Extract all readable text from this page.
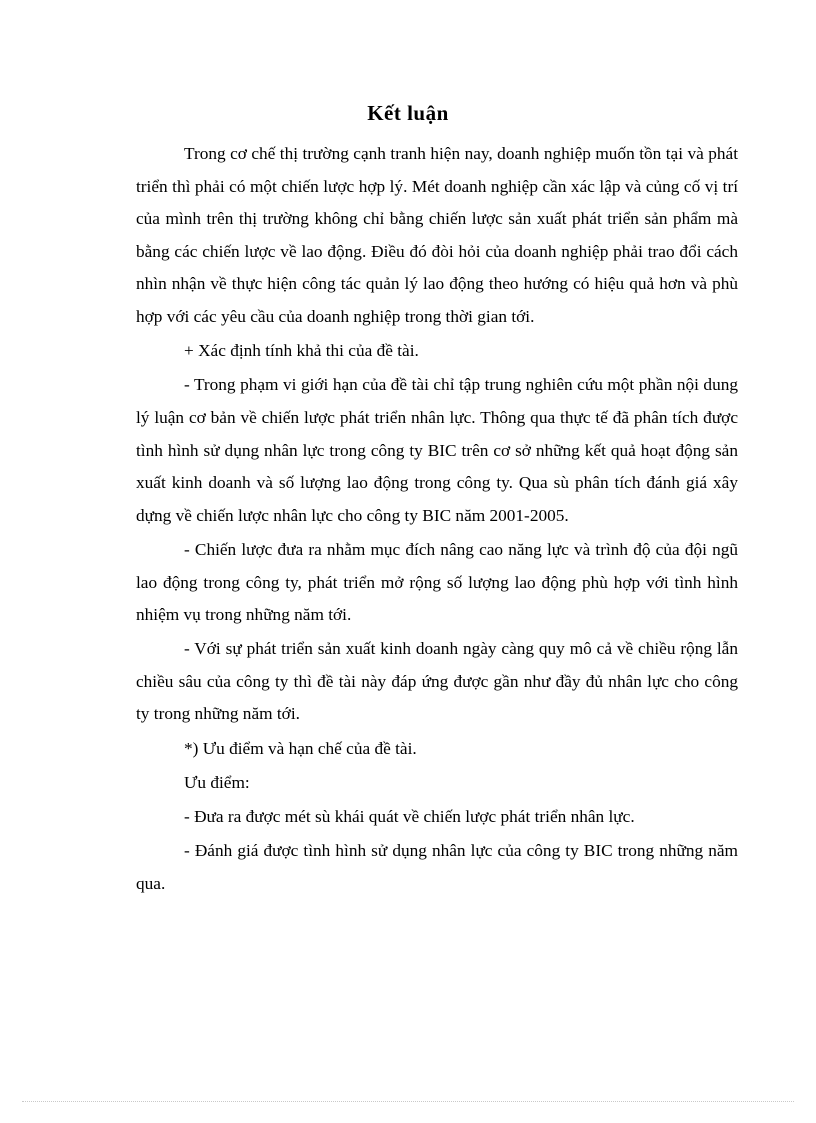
Kết luận

Trong cơ chế thị trường cạnh tranh hiện nay, doanh nghiệp muốn tồn tại và phát triển thì phải có một chiến lược hợp lý. Mét doanh nghiệp cần xác lập và củng cố vị trí của mình trên thị trường không chỉ bằng chiến lược sản xuất phát triển sản phẩm mà bằng các chiến lược về lao động. Điều đó đòi hỏi của doanh nghiệp phải trao đổi cách nhìn nhận về thực hiện công tác quản lý lao động theo hướng có hiệu quả hơn và phù hợp với các yêu cầu của doanh nghiệp trong thời gian tới.

+ Xác định tính khả thi của đề tài.

- Trong phạm vi giới hạn của đề tài chỉ tập trung nghiên cứu một phần nội dung lý luận cơ bản về chiến lược phát triển nhân lực. Thông qua thực tế đã phân tích được tình hình sử dụng nhân lực trong công ty BIC trên cơ sở những kết quả hoạt động sản xuất kinh doanh và số lượng lao động trong công ty. Qua sù phân tích đánh giá xây dựng về chiến lược nhân lực cho công ty BIC năm 2001-2005.

- Chiến lược đưa ra nhằm mục đích nâng cao năng lực và trình độ của đội ngũ lao động trong công ty, phát triển mở rộng số lượng lao động phù hợp với tình hình nhiệm vụ trong những năm tới.

- Với sự phát triển sản xuất kinh doanh ngày càng quy mô cả về chiều rộng lẫn chiều sâu của công ty thì đề tài này đáp ứng được gần như đầy đủ nhân lực cho công ty trong những năm tới.

*) Ưu điểm và hạn chế của đề tài.

Ưu điểm:

- Đưa ra được mét sù khái quát về chiến lược phát triển nhân lực.

- Đánh giá được tình hình sử dụng nhân lực của công ty BIC trong những năm qua.
